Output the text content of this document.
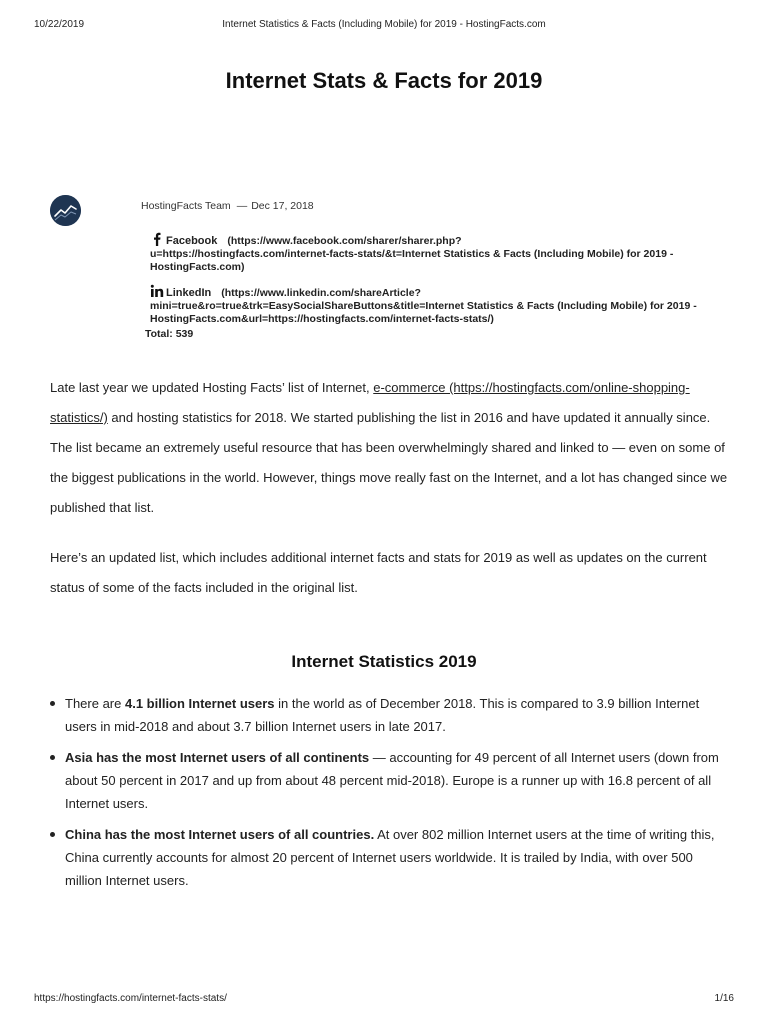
10/22/2019	Internet Statistics & Facts (Including Mobile) for 2019 - HostingFacts.com
Internet Stats & Facts for 2019
HostingFacts Team — Dec 17, 2018
Facebook (https://www.facebook.com/sharer/sharer.php?
u=https://hostingfacts.com/internet-facts-stats/&t=Internet Statistics & Facts (Including Mobile) for 2019 - HostingFacts.com)
LinkedIn (https://www.linkedin.com/shareArticle?
mini=true&ro=true&trk=EasySocialShareButtons&title=Internet Statistics & Facts (Including Mobile) for 2019 - HostingFacts.com&url=https://hostingfacts.com/internet-facts-stats/)
Total: 539

Late last year we updated Hosting Facts’ list of Internet, e-commerce (https://hostingfacts.com/online-shopping-statistics/) and hosting statistics for 2018. We started publishing the list in 2016 and have updated it annually since. The list became an extremely useful resource that has been overwhelmingly shared and linked to — even on some of the biggest publications in the world. However, things move really fast on the Internet, and a lot has changed since we published that list.

Here’s an updated list, which includes additional internet facts and stats for 2019 as well as updates on the current status of some of the facts included in the original list.

Internet Statistics 2019
There are 4.1 billion Internet users in the world as of December 2018. This is compared to 3.9 billion Internet users in mid-2018 and about 3.7 billion Internet users in late 2017.
Asia has the most Internet users of all continents — accounting for 49 percent of all Internet users (down from about 50 percent in 2017 and up from about 48 percent mid-2018). Europe is a runner up with 16.8 percent of all Internet users.
China has the most Internet users of all countries. At over 802 million Internet users at the time of writing this, China currently accounts for almost 20 percent of Internet users worldwide. It is trailed by India, with over 500 million Internet users.
https://hostingfacts.com/internet-facts-stats/	1/16
